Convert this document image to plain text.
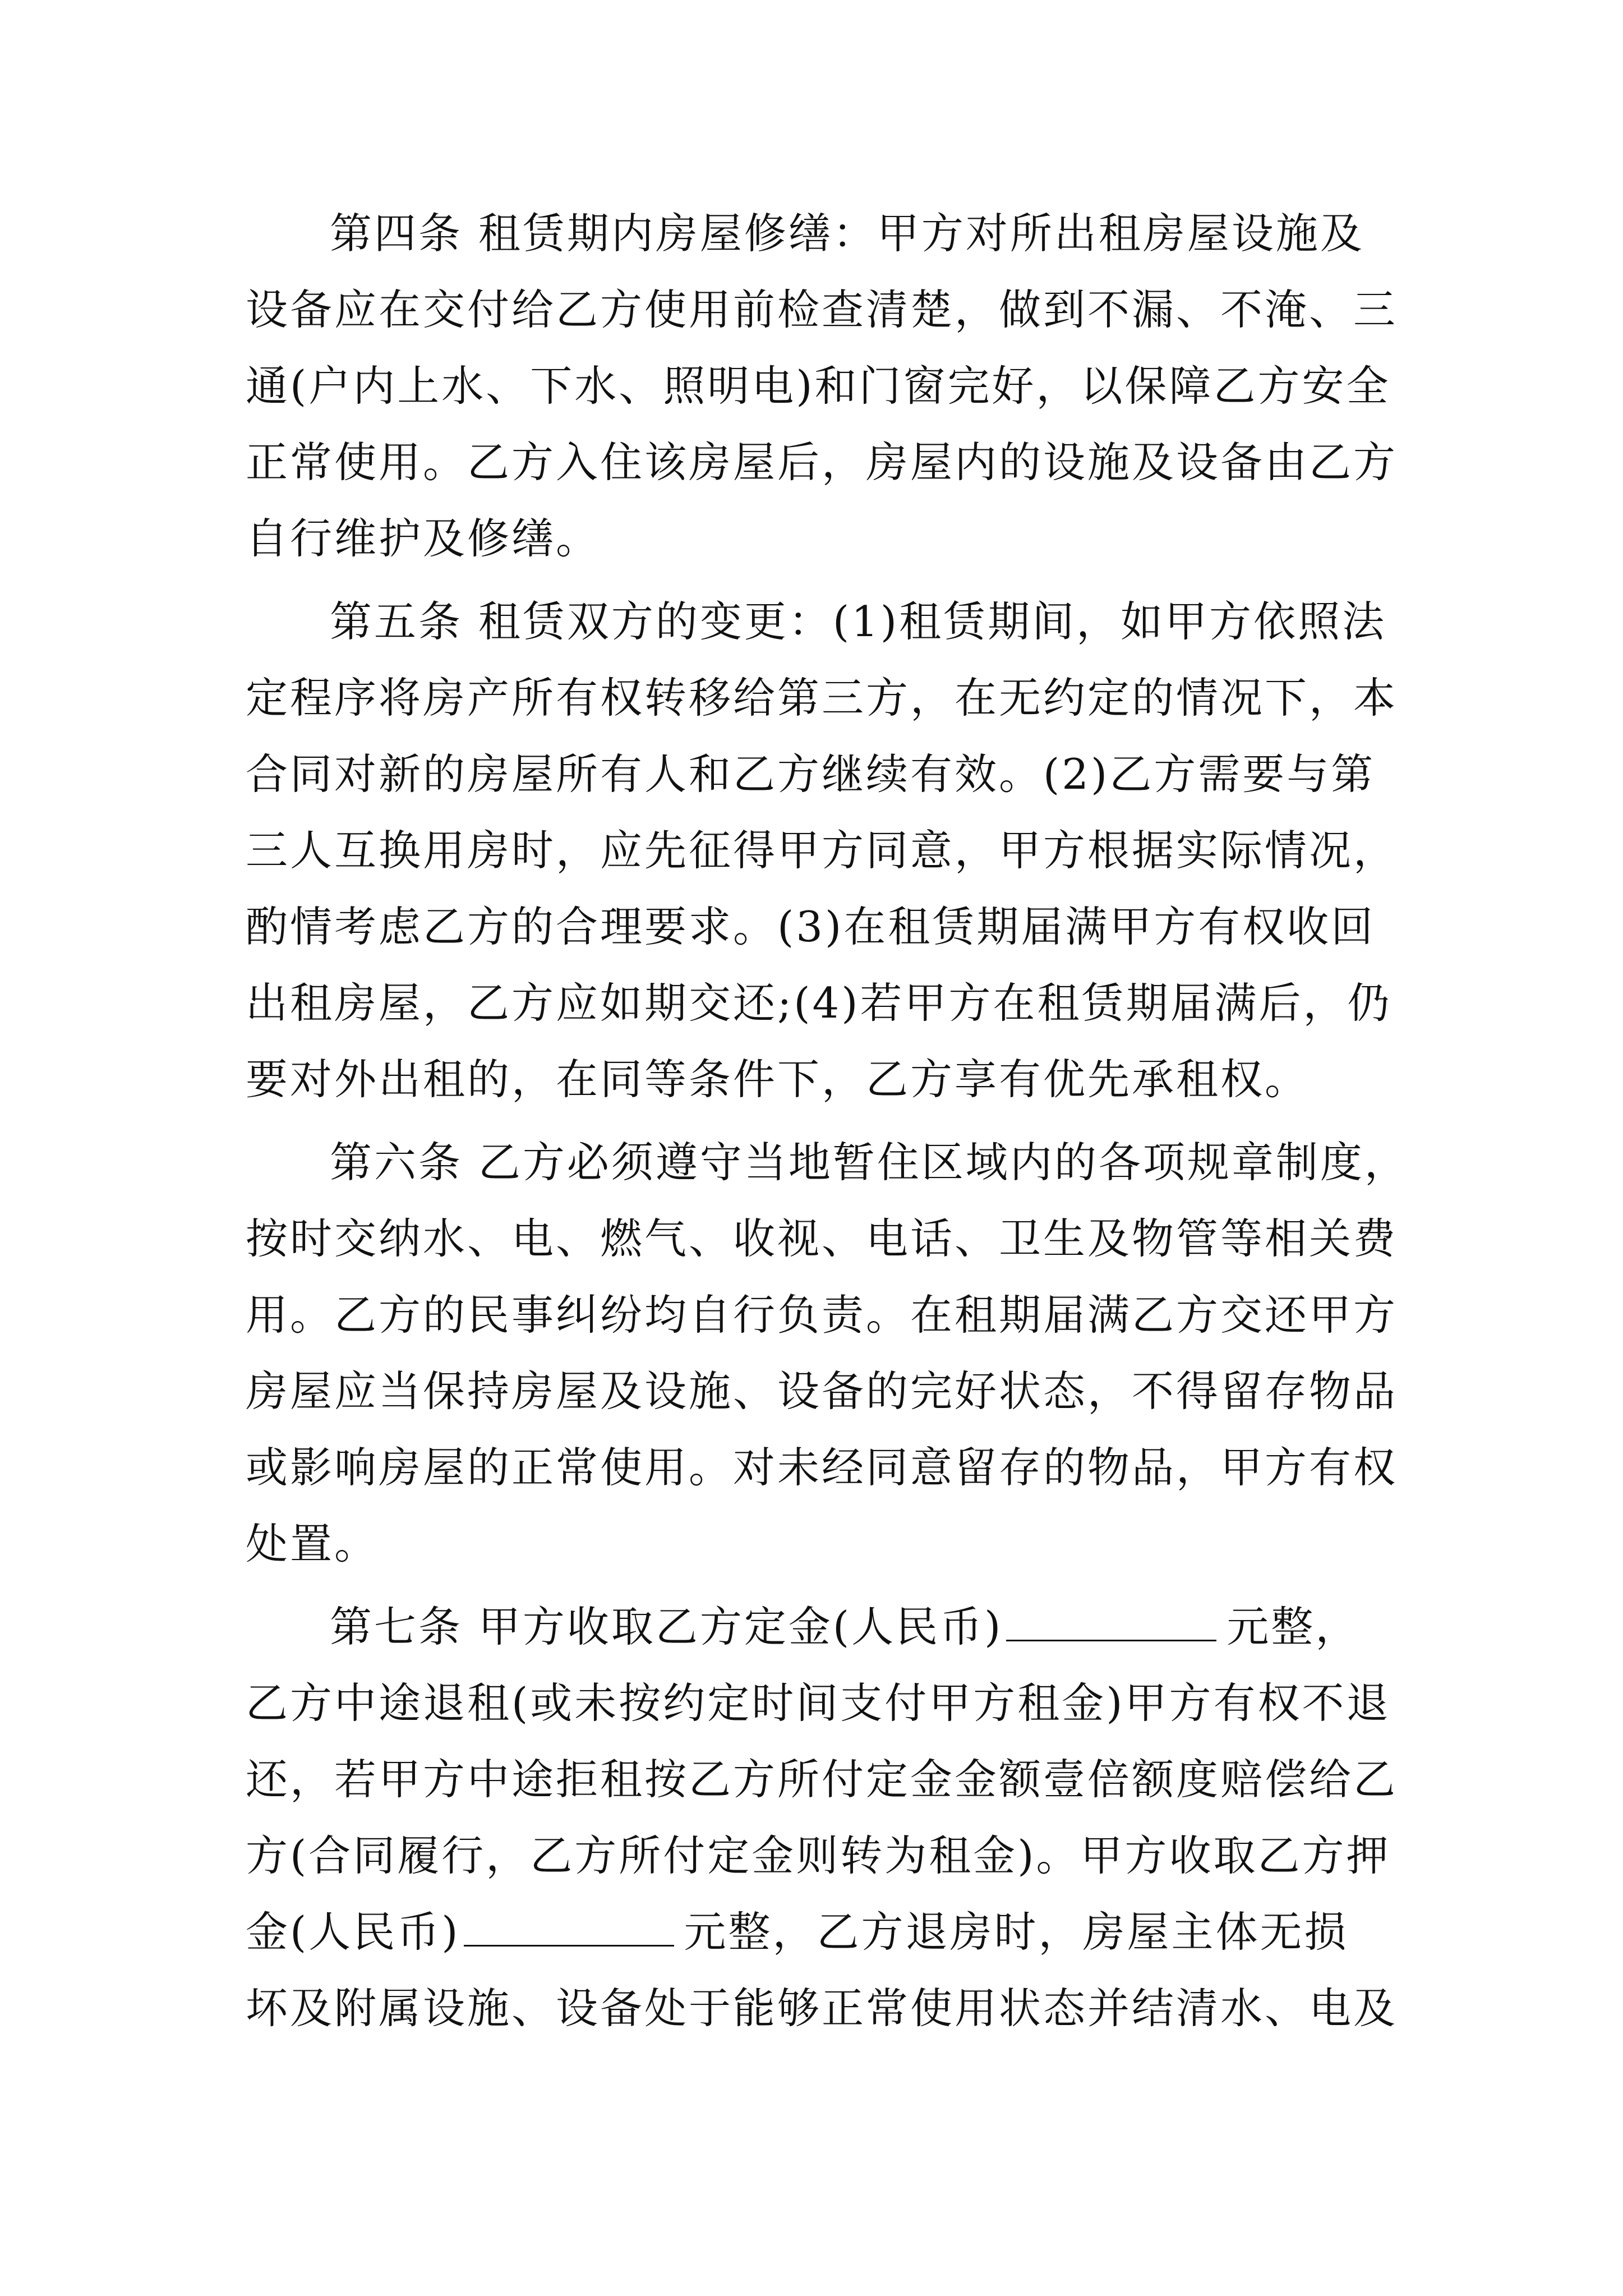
第四条 租赁期内房屋修缮：甲方对所出租房屋设施及
设备应在交付给乙方使用前检查清楚，做到不漏、不淹、三
通(户内上水、下水、照明电)和门窗完好，以保障乙方安全
正常使用。乙方入住该房屋后，房屋内的设施及设备由乙方
自行维护及修缮。
第五条 租赁双方的变更：(1)租赁期间，如甲方依照法
定程序将房产所有权转移给第三方，在无约定的情况下，本
合同对新的房屋所有人和乙方继续有效。(2)乙方需要与第
三人互换用房时，应先征得甲方同意，甲方根据实际情况，
酌情考虑乙方的合理要求。(3)在租赁期届满甲方有权收回
出租房屋，乙方应如期交还;(4)若甲方在租赁期届满后，仍
要对外出租的，在同等条件下，乙方享有优先承租权。
第六条 乙方必须遵守当地暂住区域内的各项规章制度，
按时交纳水、电、燃气、收视、电话、卫生及物管等相关费
用。乙方的民事纠纷均自行负责。在租期届满乙方交还甲方
房屋应当保持房屋及设施、设备的完好状态，不得留存物品
或影响房屋的正常使用。对未经同意留存的物品，甲方有权
处置。
第七条 甲方收取乙方定金(人民币)	元整，
乙方中途退租(或未按约定时间支付甲方租金)甲方有权不退
还，若甲方中途拒租按乙方所付定金金额壹倍额度赔偿给乙
方(合同履行，乙方所付定金则转为租金)。甲方收取乙方押
金(人民币)	元整，乙方退房时，房屋主体无损
坏及附属设施、设备处于能够正常使用状态并结清水、电及
